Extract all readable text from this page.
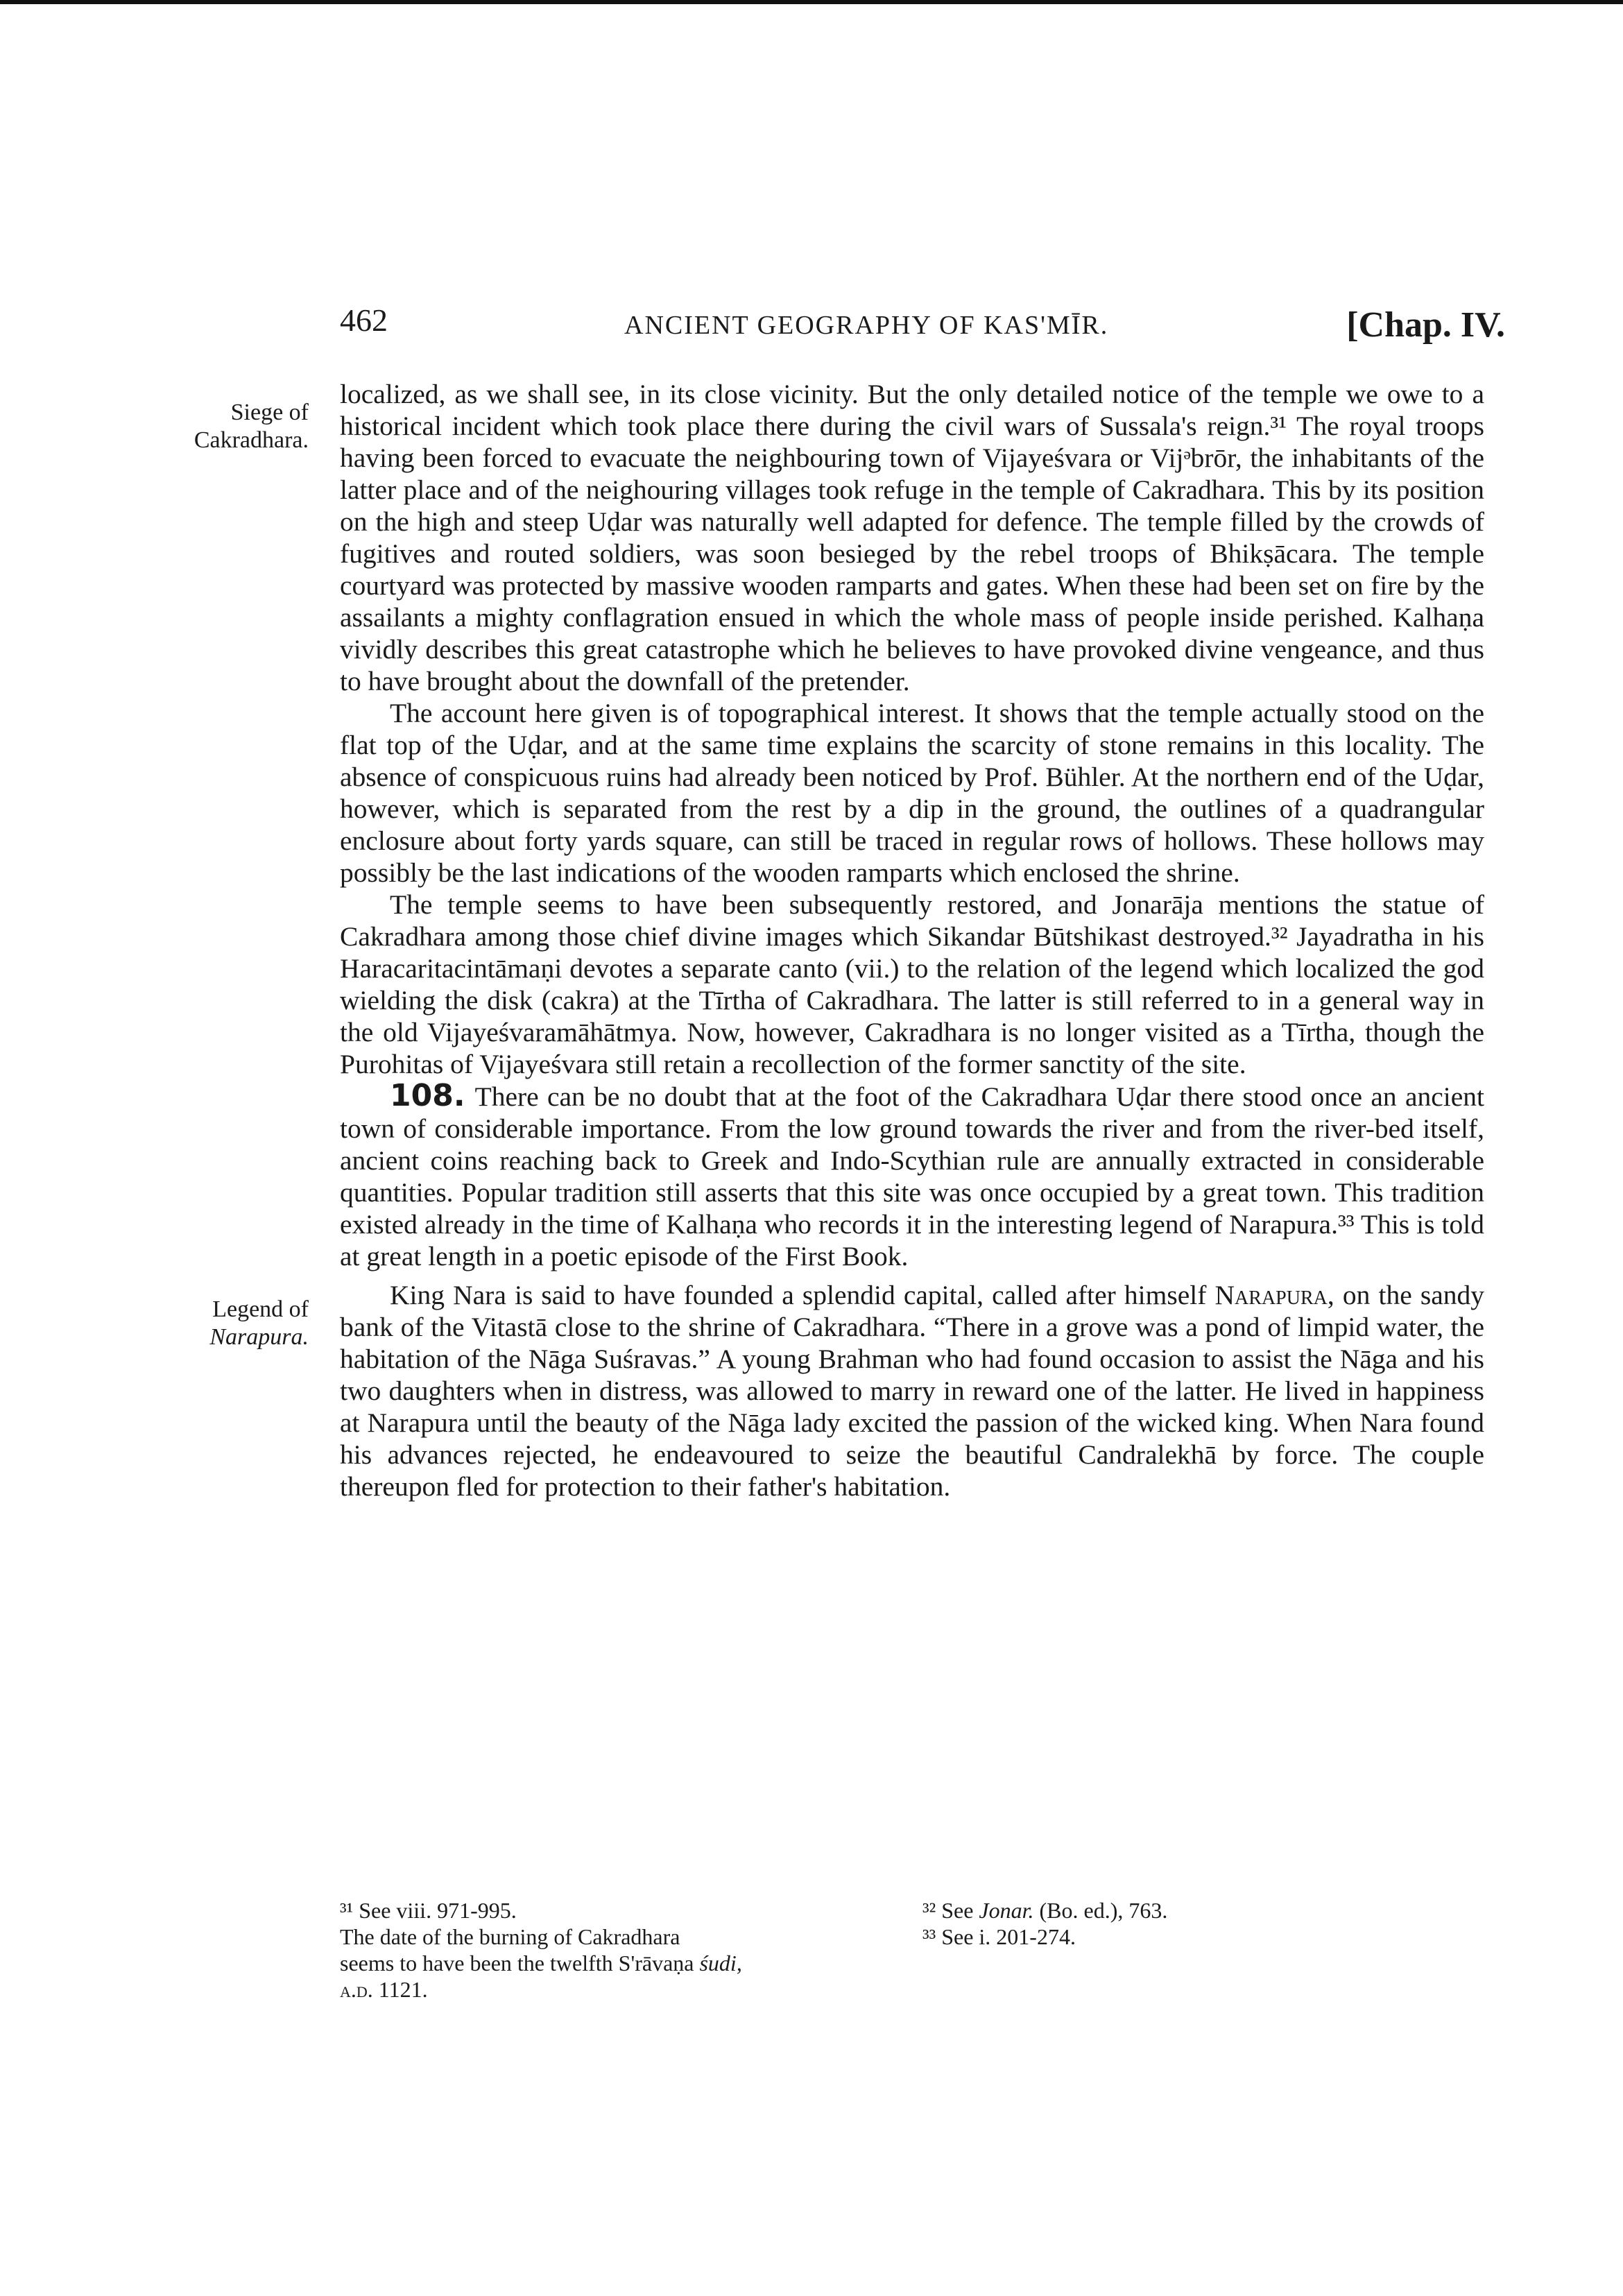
462	ANCIENT GEOGRAPHY OF KAS'MĪR.	[Chap. IV.
Siege of
Cakradhara.
Legend of
Narapura.

localized, as we shall see, in its close vicinity. But the only detailed notice of the temple we owe to a historical incident which took place there during the civil wars of Sussala's reign.³¹ The royal troops having been forced to evacuate the neighbouring town of Vijayeśvara or Vijᵊbrōr, the inhabitants of the latter place and of the neighouring villages took refuge in the temple of Cakradhara. This by its position on the high and steep Uḍar was naturally well adapted for defence. The temple filled by the crowds of fugitives and routed soldiers, was soon besieged by the rebel troops of Bhikṣācara. The temple courtyard was protected by massive wooden ramparts and gates. When these had been set on fire by the assailants a mighty conflagration ensued in which the whole mass of people inside perished. Kalhaṇa vividly describes this great catastrophe which he believes to have provoked divine vengeance, and thus to have brought about the downfall of the pretender.

The account here given is of topographical interest. It shows that the temple actually stood on the flat top of the Uḍar, and at the same time explains the scarcity of stone remains in this locality. The absence of conspicuous ruins had already been noticed by Prof. Bühler. At the northern end of the Uḍar, however, which is separated from the rest by a dip in the ground, the outlines of a quadrangular enclosure about forty yards square, can still be traced in regular rows of hollows. These hollows may possibly be the last indications of the wooden ramparts which enclosed the shrine.

The temple seems to have been subsequently restored, and Jonarāja mentions the statue of Cakradhara among those chief divine images which Sikandar Būtshikast destroyed.³² Jayadratha in his Haracaritacintāmaṇi devotes a separate canto (vii.) to the relation of the legend which localized the god wielding the disk (cakra) at the Tīrtha of Cakradhara. The latter is still referred to in a general way in the old Vijayeśvaramāhātmya. Now, however, Cakradhara is no longer visited as a Tīrtha, though the Purohitas of Vijayeśvara still retain a recollection of the former sanctity of the site.

108. There can be no doubt that at the foot of the Cakradhara Uḍar there stood once an ancient town of considerable importance. From the low ground towards the river and from the river-bed itself, ancient coins reaching back to Greek and Indo-Scythian rule are annually extracted in considerable quantities. Popular tradition still asserts that this site was once occupied by a great town. This tradition existed already in the time of Kalhaṇa who records it in the interesting legend of Narapura.³³ This is told at great length in a poetic episode of the First Book.

King Nara is said to have founded a splendid capital, called after himself Narapura, on the sandy bank of the Vitastā close to the shrine of Cakradhara. “There in a grove was a pond of limpid water, the habitation of the Nāga Suśravas.” A young Brahman who had found occasion to assist the Nāga and his two daughters when in distress, was allowed to marry in reward one of the latter. He lived in happiness at Narapura until the beauty of the Nāga lady excited the passion of the wicked king. When Nara found his advances rejected, he endeavoured to seize the beautiful Candralekhā by force. The couple thereupon fled for protection to their father's habitation.

³¹ See viii. 971-995.
The date of the burning of Cakradhara
seems to have been the twelfth S'rāvaṇa śudi,
a.d. 1121.
³² See Jonar. (Bo. ed.), 763.
³³ See i. 201-274.
